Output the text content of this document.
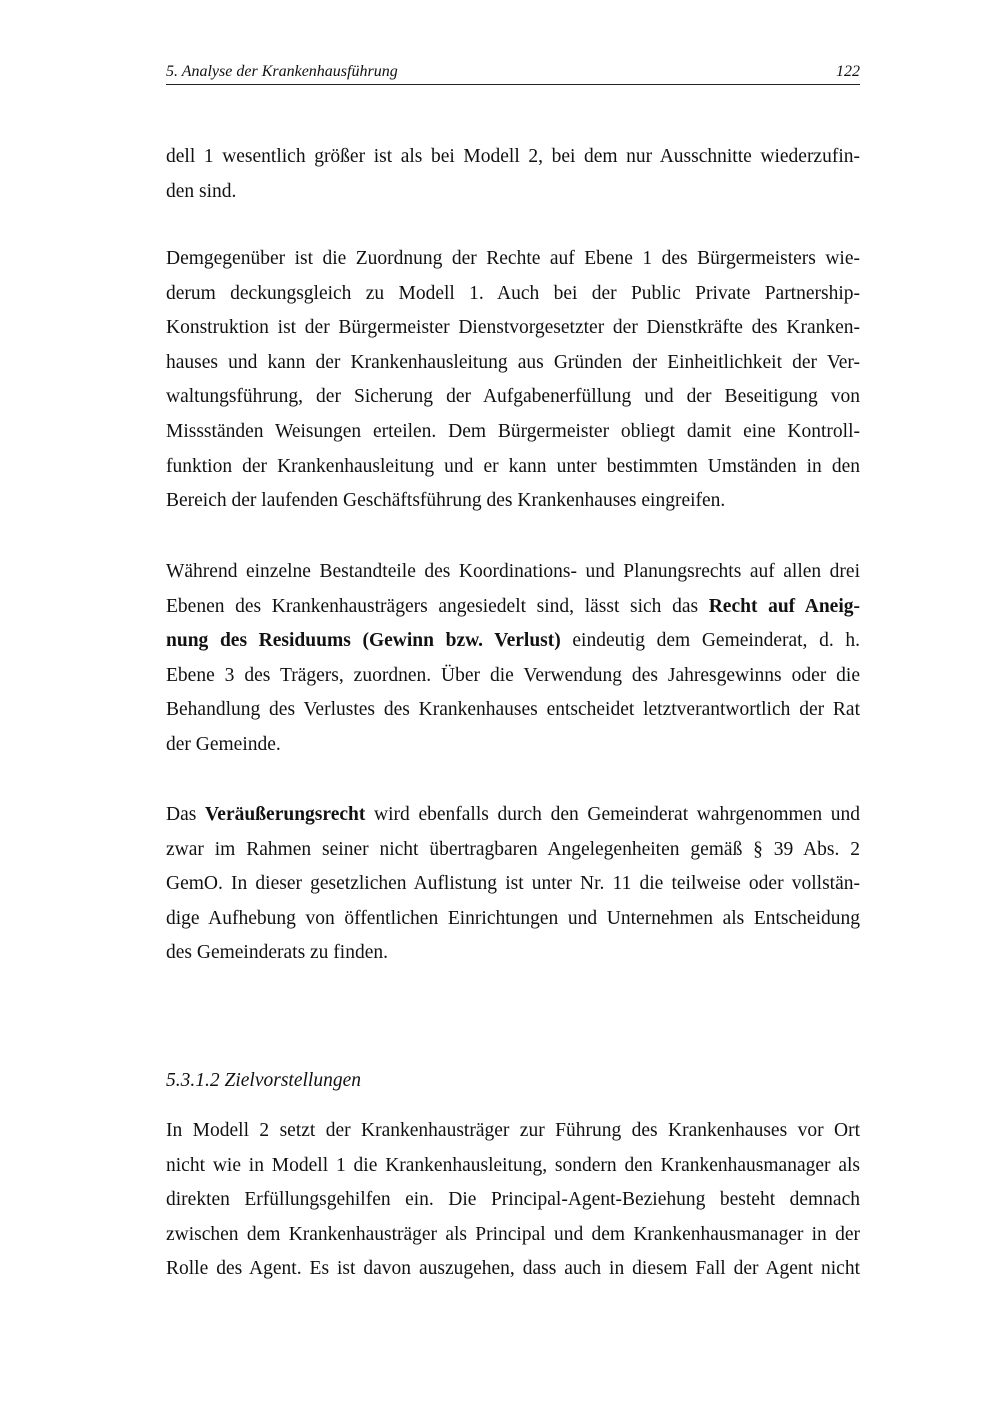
5. Analyse der Krankenhausführung	122
dell 1 wesentlich größer ist als bei Modell 2, bei dem nur Ausschnitte wiederzufin-
den sind.
Demgegenüber ist die Zuordnung der Rechte auf Ebene 1 des Bürgermeisters wie-
derum deckungsgleich zu Modell 1. Auch bei der Public Private Partnership-
Konstruktion ist der Bürgermeister Dienstvorgesetzter der Dienstkräfte des Kranken-
hauses und kann der Krankenhausleitung aus Gründen der Einheitlichkeit der Ver-
waltungsführung, der Sicherung der Aufgabenerfüllung und der Beseitigung von
Missständen Weisungen erteilen. Dem Bürgermeister obliegt damit eine Kontroll-
funktion der Krankenhausleitung und er kann unter bestimmten Umständen in den
Bereich der laufenden Geschäftsführung des Krankenhauses eingreifen.
Während einzelne Bestandteile des Koordinations- und Planungsrechts auf allen drei
Ebenen des Krankenhausträgers angesiedelt sind, lässt sich das Recht auf Aneig-
nung des Residuums (Gewinn bzw. Verlust) eindeutig dem Gemeinderat, d. h.
Ebene 3 des Trägers, zuordnen. Über die Verwendung des Jahresgewinns oder die
Behandlung des Verlustes des Krankenhauses entscheidet letztverantwortlich der Rat
der Gemeinde.
Das Veräußerungsrecht wird ebenfalls durch den Gemeinderat wahrgenommen und
zwar im Rahmen seiner nicht übertragbaren Angelegenheiten gemäß § 39 Abs. 2
GemO. In dieser gesetzlichen Auflistung ist unter Nr. 11 die teilweise oder vollstän-
dige Aufhebung von öffentlichen Einrichtungen und Unternehmen als Entscheidung
des Gemeinderats zu finden.
5.3.1.2 Zielvorstellungen
In Modell 2 setzt der Krankenhausträger zur Führung des Krankenhauses vor Ort
nicht wie in Modell 1 die Krankenhausleitung, sondern den Krankenhausmanager als
direkten Erfüllungsgehilfen ein. Die Principal-Agent-Beziehung besteht demnach
zwischen dem Krankenhausträger als Principal und dem Krankenhausmanager in der
Rolle des Agent. Es ist davon auszugehen, dass auch in diesem Fall der Agent nicht
